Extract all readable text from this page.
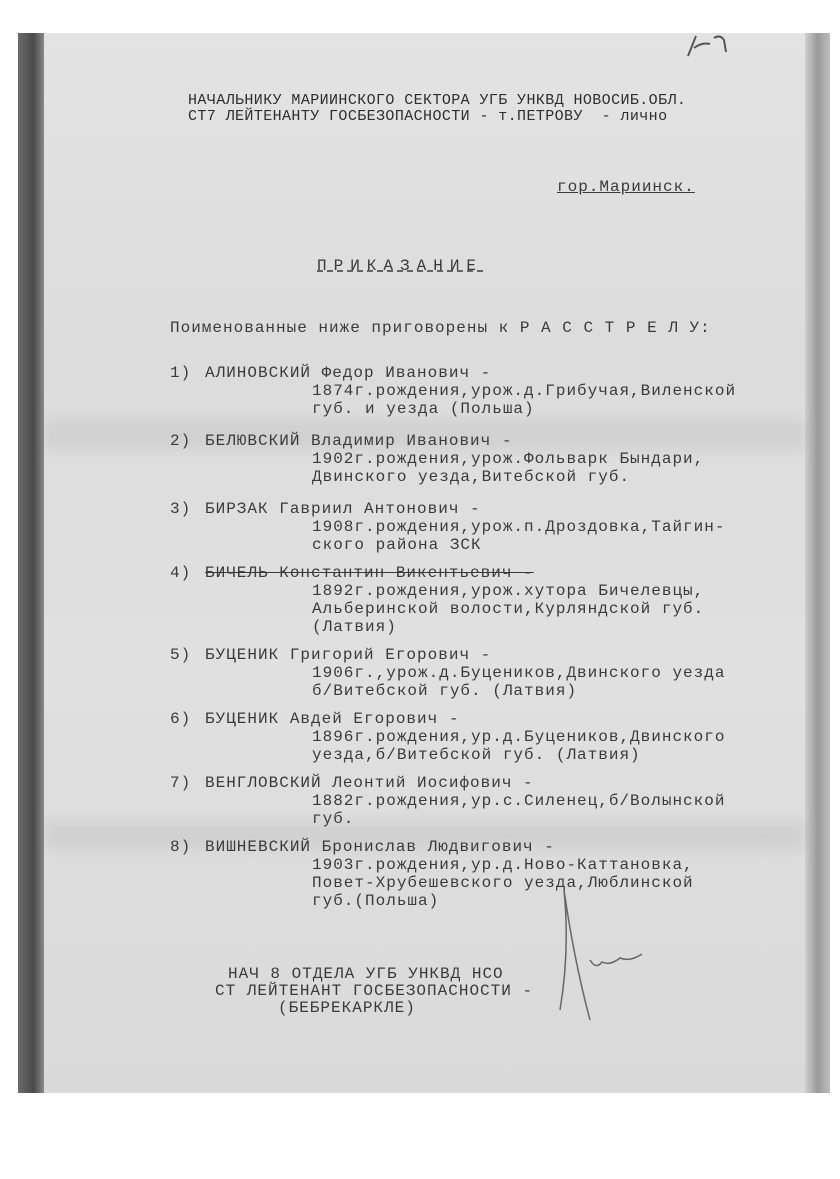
НАЧАЛЬНИКУ МАРИИНСКОГО СЕКТОРА УГБ УНКВД НОВОСИБ.ОБЛ.
СТ7 ЛЕЙТЕНАНТУ ГОСБЕЗОПАСНОСТИ - т.ПЕТРОВУ  - лично
гор.Мариинск.
ПРИКАЗАНИЕ
Поименованные ниже приговорены к Р А С С Т Р Е Л У:
1) АЛИНОВСКИЙ Федор Иванович -
1874г.рождения,урож.д.Грибучая,Виленской
губ. и уезда (Польша)
2) БЕЛЮВСКИЙ Владимир Иванович -
1902г.рождения,урож.Фольварк Бындари,
Двинского уезда,Витебской губ.
3) БИРЗАК Гавриил Антонович -
1908г.рождения,урож.п.Дроздовка,Тайгин-
ского района ЗСК
4) БИЧЕЛЬ Константин Викентьевич -
1892г.рождения,урож.хутора Бичелевцы,
Альберинской волости,Курляндской губ.
(Латвия)
5) БУЦЕНИК Григорий Егорович -
1906г.,урож.д.Буцеников,Двинского уезда
б/Витебской губ. (Латвия)
6) БУЦЕНИК Авдей Егорович -
1896г.рождения,ур.д.Буцеников,Двинского
уезда,б/Витебской губ. (Латвия)
7) ВЕНГЛОВСКИЙ Леонтий Иосифович -
1882г.рождения,ур.с.Силенец,б/Волынской
губ.
8) ВИШНЕВСКИЙ Бронислав Людвигович -
1903г.рождения,ур.д.Ново-Каттановка,
Повет-Хрубешевского уезда,Люблинской
губ.(Польша)
НАЧ 8 ОТДЕЛА УГБ УНКВД НСО
СТ ЛЕЙТЕНАНТ ГОСБЕЗОПАСНОСТИ -
(БЕБРЕКАРКЛЕ)
